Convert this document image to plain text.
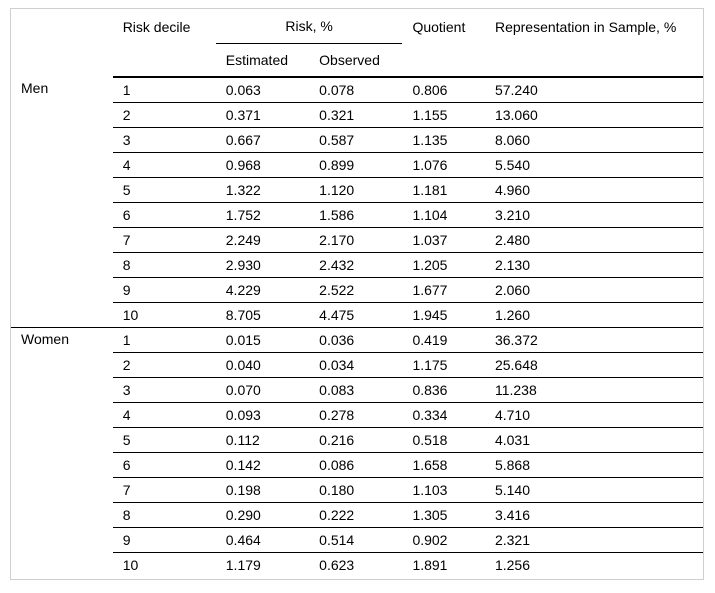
	Risk decile	Risk, %		Quotient	Representation in Sample, %
		Estimated	Observed		
Men	1	0.063	0.078	0.806	57.240
	2	0.371	0.321	1.155	13.060
	3	0.667	0.587	1.135	8.060
	4	0.968	0.899	1.076	5.540
	5	1.322	1.120	1.181	4.960
	6	1.752	1.586	1.104	3.210
	7	2.249	2.170	1.037	2.480
	8	2.930	2.432	1.205	2.130
	9	4.229	2.522	1.677	2.060
	10	8.705	4.475	1.945	1.260
Women	1	0.015	0.036	0.419	36.372
	2	0.040	0.034	1.175	25.648
	3	0.070	0.083	0.836	11.238
	4	0.093	0.278	0.334	4.710
	5	0.112	0.216	0.518	4.031
	6	0.142	0.086	1.658	5.868
	7	0.198	0.180	1.103	5.140
	8	0.290	0.222	1.305	3.416
	9	0.464	0.514	0.902	2.321
	10	1.179	0.623	1.891	1.256
